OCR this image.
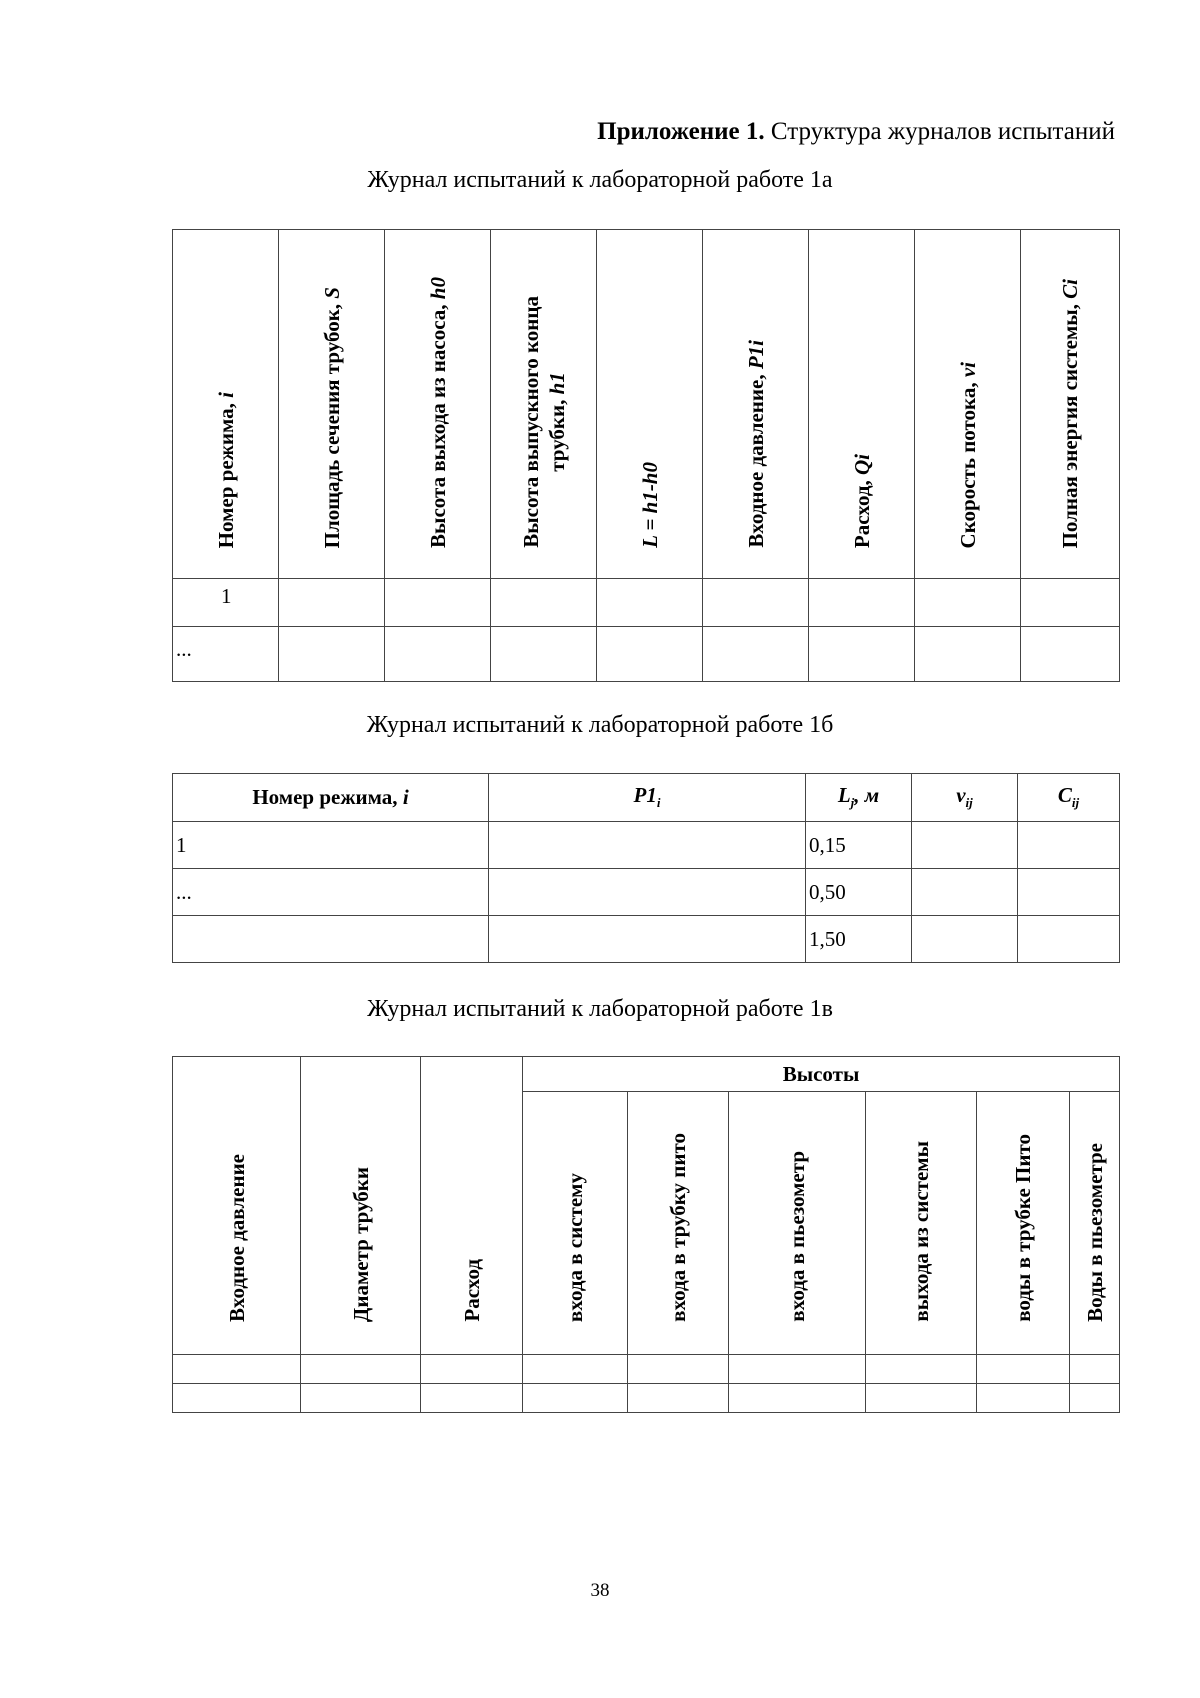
Приложение 1. Структура журналов испытаний
Журнал испытаний к лабораторной работе 1а
Номер режима, i	Площадь сечения трубок, S	Высота выхода из насоса, h0	Высота выпускного конца
трубки, h1	L = h1-h0	Входное давление, P1i	Расход, Qi	Скорость потока, vi	Полная энергия системы, Ci
1								
...								
Журнал испытаний к лабораторной работе 1б
Номер режима, i	$P1_i$	$L_j$, м	$v_{ij}$	$C_{ij}$
1		0,15		
...		0,50		
		1,50		
Журнал испытаний к лабораторной работе 1в
Входное давление	Диаметр трубки	Расход	Высоты					
			входа в систему	входа в трубку пито	входа в пьезометр	выхода из системы	воды в трубке Пито	Воды в пьезометре

38
